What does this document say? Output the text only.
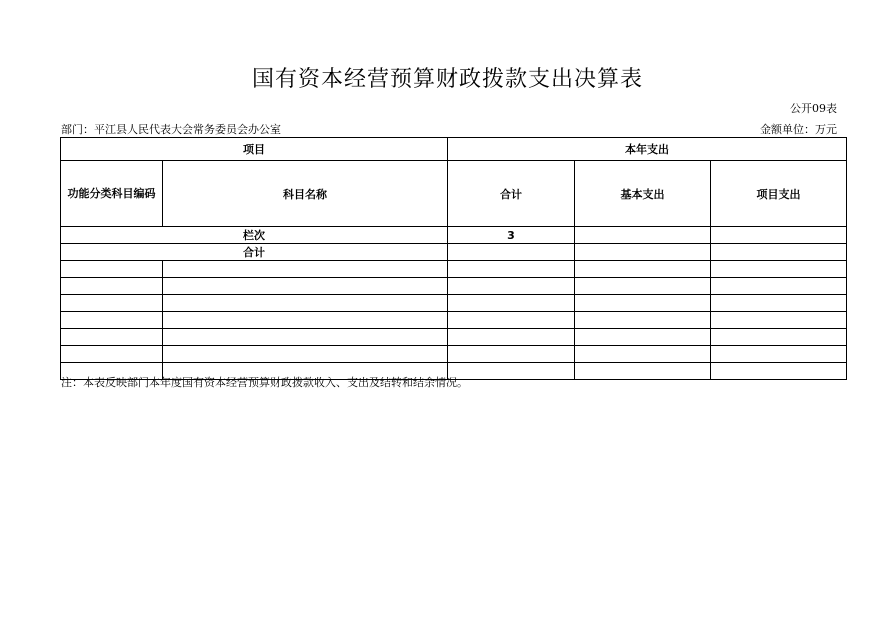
国有资本经营预算财政拨款支出决算表
公开09表
部门：平江县人民代表大会常务委员会办公室	金额单位：万元
项目		本年支出		
功能分类科目编码	科目名称	合计	基本支出	项目支出
栏次		3		
合计				

注：本表反映部门本年度国有资本经营预算财政拨款收入、支出及结转和结余情况。
